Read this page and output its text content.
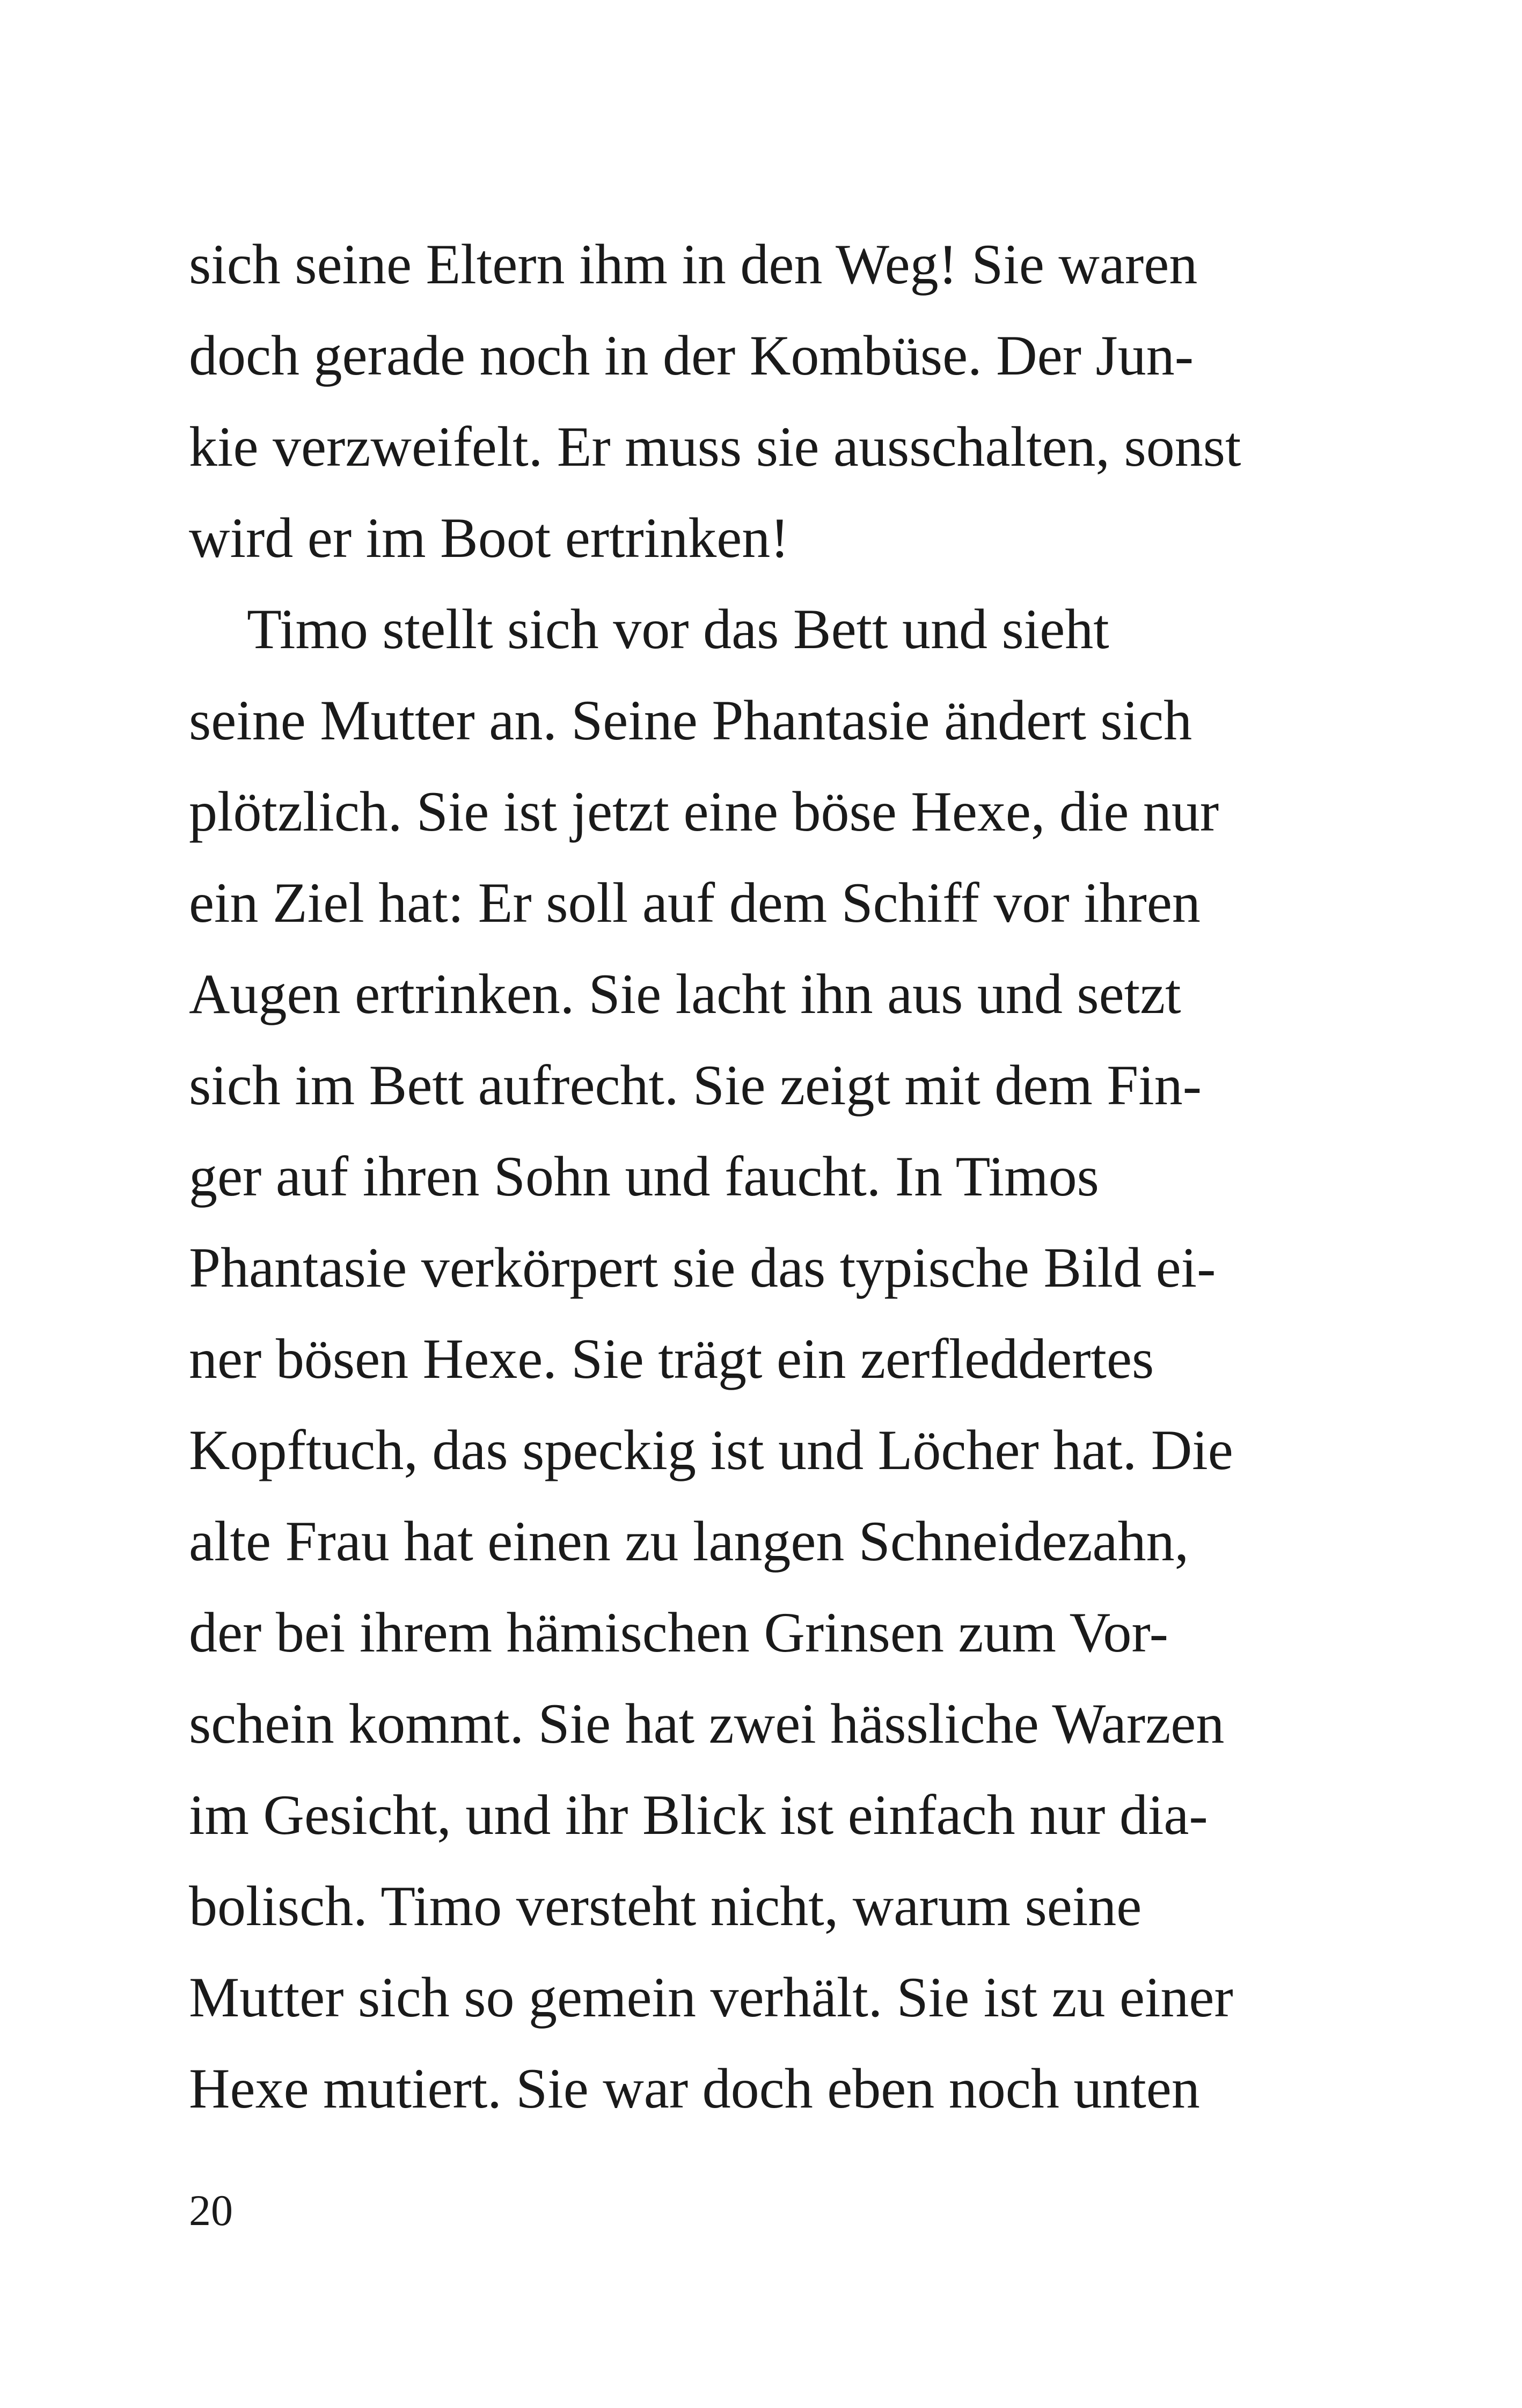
sich seine Eltern ihm in den Weg! Sie waren
doch gerade noch in der Kombüse. Der Jun-
kie verzweifelt. Er muss sie ausschalten, sonst
wird er im Boot ertrinken!
Timo stellt sich vor das Bett und sieht
seine Mutter an. Seine Phantasie ändert sich
plötzlich. Sie ist jetzt eine böse Hexe, die nur
ein Ziel hat: Er soll auf dem Schiff vor ihren
Augen ertrinken. Sie lacht ihn aus und setzt
sich im Bett aufrecht. Sie zeigt mit dem Fin-
ger auf ihren Sohn und faucht. In Timos
Phantasie verkörpert sie das typische Bild ei-
ner bösen Hexe. Sie trägt ein zerfleddertes
Kopftuch, das speckig ist und Löcher hat. Die
alte Frau hat einen zu langen Schneidezahn,
der bei ihrem hämischen Grinsen zum Vor-
schein kommt. Sie hat zwei hässliche Warzen
im Gesicht, und ihr Blick ist einfach nur dia-
bolisch. Timo versteht nicht, warum seine
Mutter sich so gemein verhält. Sie ist zu einer
Hexe mutiert. Sie war doch eben noch unten
20
